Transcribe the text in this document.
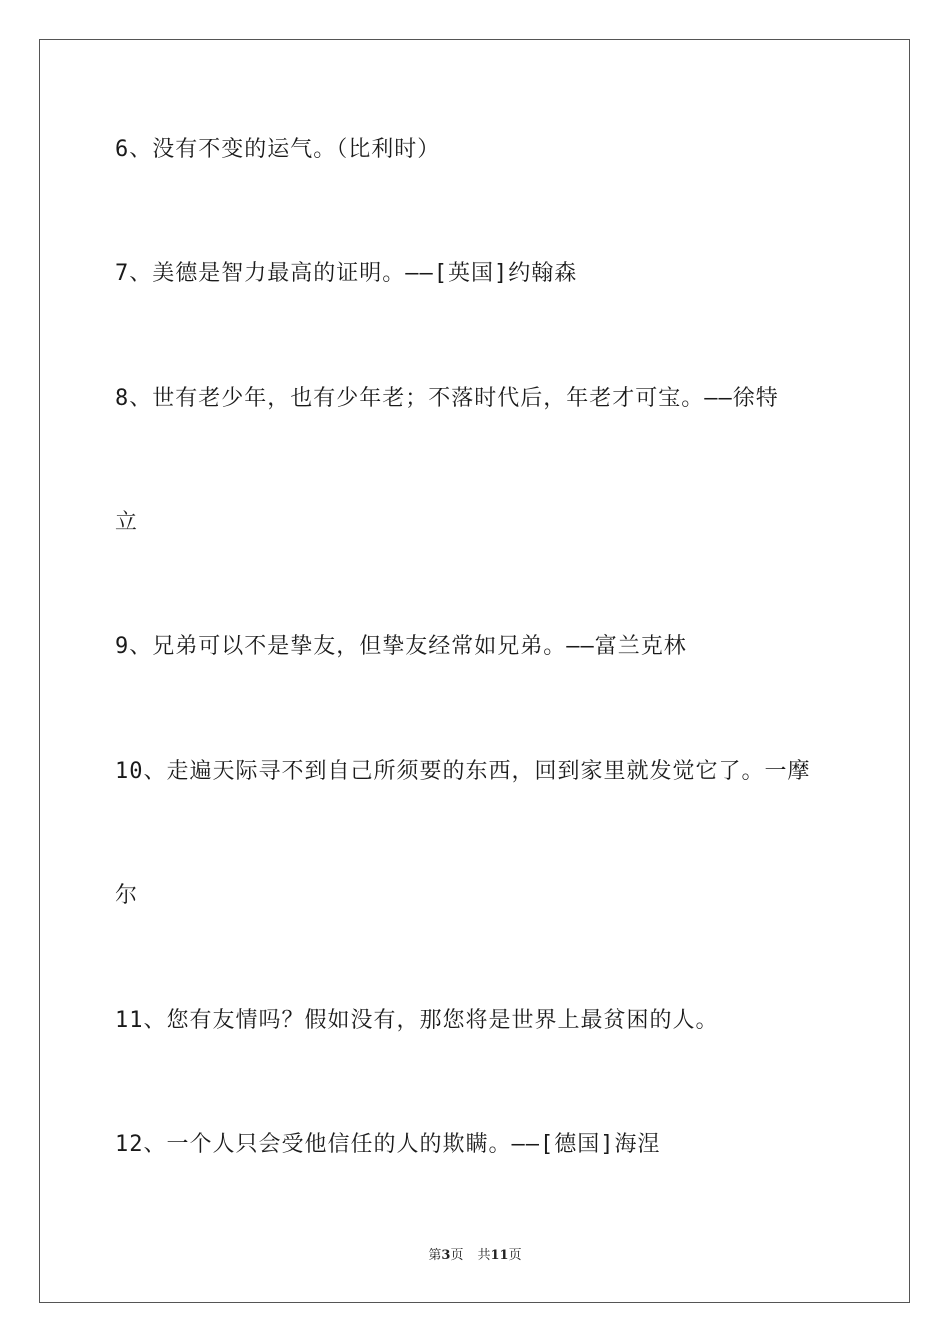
6、没有不变的运气。（比利时）
7、美德是智力最高的证明。——[英国]约翰森
8、世有老少年，也有少年老；不落时代后，年老才可宝。——徐特
立
9、兄弟可以不是挚友，但挚友经常如兄弟。——富兰克林
10、走遍天际寻不到自己所须要的东西，回到家里就发觉它了。一摩
尔
11、您有友情吗？假如没有，那您将是世界上最贫困的人。
12、一个人只会受他信任的人的欺瞒。——[德国]海涅
第3页 共11页
